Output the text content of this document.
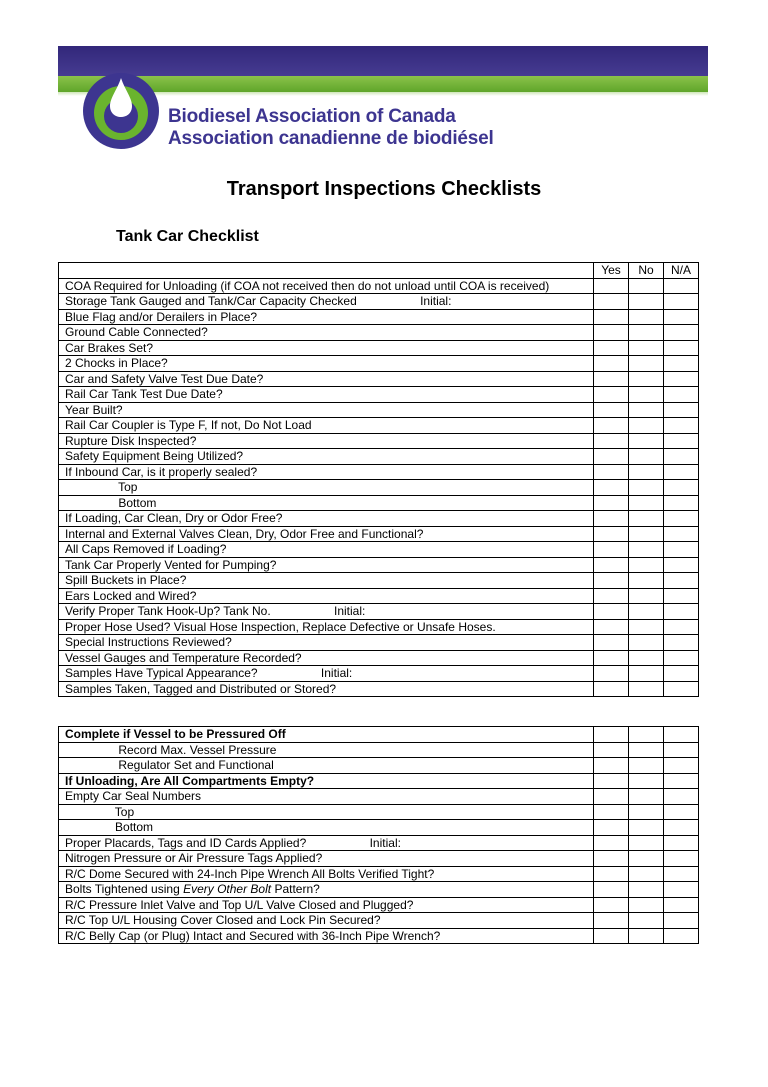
Biodiesel Association of Canada
Association canadienne de biodiésel
Transport Inspections Checklists
Tank Car Checklist
	Yes	No	N/A
COA Required for Unloading (if COA not received then do not unload until COA is received)			
Storage Tank Gauged and Tank/Car Capacity Checked                   Initial:			
Blue Flag and/or Derailers in Place?			
Ground Cable Connected?			
Car Brakes Set?			
2 Chocks in Place?			
Car and Safety Valve Test Due Date?			
Rail Car Tank Test Due Date?			
Year Built?			
Rail Car Coupler is Type F, If not, Do Not Load			
Rupture Disk Inspected?			
Safety Equipment Being Utilized?			
If Inbound Car, is it properly sealed?			
Top			
Bottom			
If Loading, Car Clean, Dry or Odor Free?			
Internal and External Valves Clean, Dry, Odor Free and Functional?			
All Caps Removed if Loading?			
Tank Car Properly Vented for Pumping?			
Spill Buckets in Place?			
Ears Locked and Wired?			
Verify Proper Tank Hook-Up? Tank No.                   Initial:			
Proper Hose Used? Visual Hose Inspection, Replace Defective or Unsafe Hoses.			
Special Instructions Reviewed?			
Vessel Gauges and Temperature Recorded?			
Samples Have Typical Appearance?                   Initial:			
Samples Taken, Tagged and Distributed or Stored?			
Complete if Vessel to be Pressured Off			
Record Max. Vessel Pressure			
Regulator Set and Functional			
If Unloading, Are All Compartments Empty?			
Empty Car Seal Numbers			
Top			
Bottom			
Proper Placards, Tags and ID Cards Applied?                   Initial:			
Nitrogen Pressure or Air Pressure Tags Applied?			
R/C Dome Secured with 24-Inch Pipe Wrench All Bolts Verified Tight?			
Bolts Tightened using Every Other Bolt Pattern?			
R/C Pressure Inlet Valve and Top U/L Valve Closed and Plugged?			
R/C Top U/L Housing Cover Closed and Lock Pin Secured?			
R/C Belly Cap (or Plug) Intact and Secured with 36-Inch Pipe Wrench?			
